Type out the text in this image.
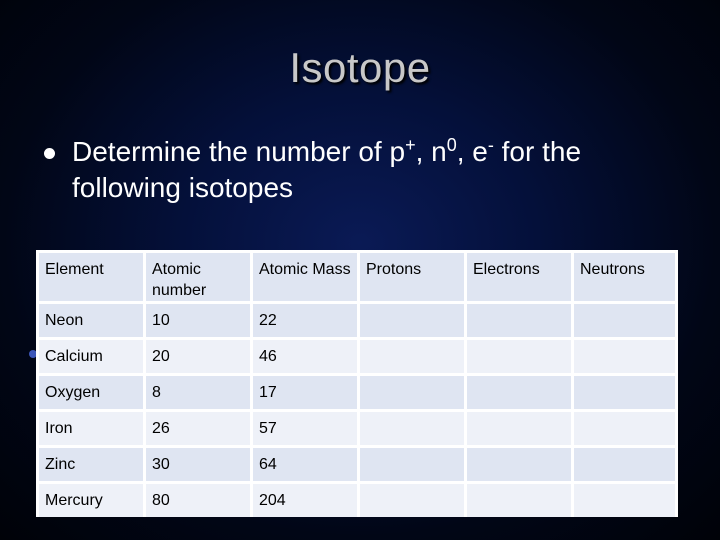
Isotope
Determine the number of p+, $n^0$, e- for the following isotopes
Element	Atomic number	Atomic Mass	Protons	Electrons	Neutrons
Neon	10	22			
Calcium	20	46			
Oxygen	8	17			
Iron	26	57			
Zinc	30	64			
Mercury	80	204			
